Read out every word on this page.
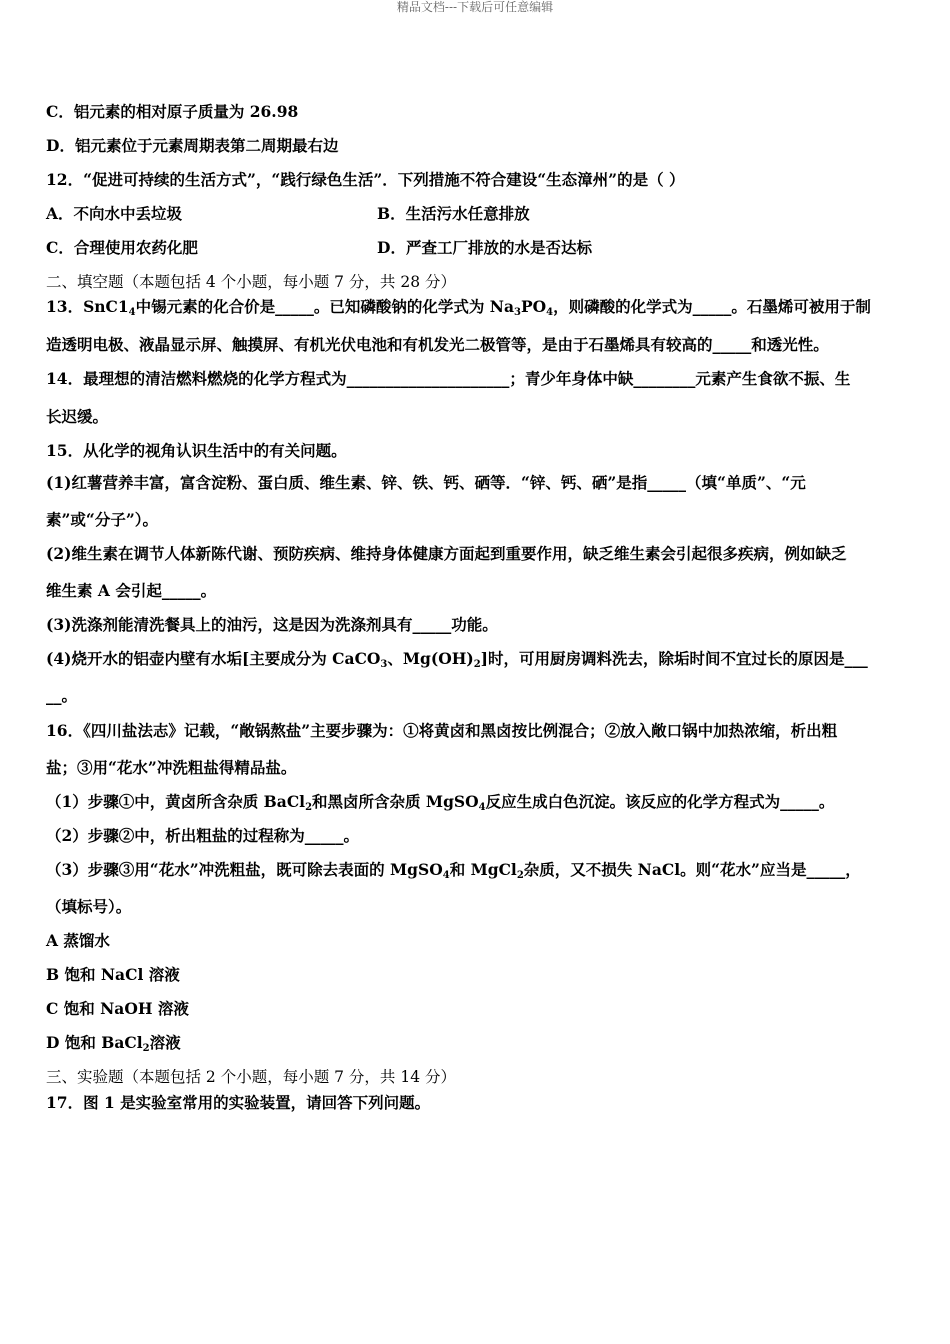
精品文档---下载后可任意编辑
C．铝元素的相对原子质量为 26.98
D．铝元素位于元素周期表第二周期最右边
12．“促进可持续的生活方式”，“践行绿色生活”．下列措施不符合建设“生态漳州”的是（ ）
A．不向水中丢垃圾	B．生活污水任意排放
C．合理使用农药化肥	D．严查工厂排放的水是否达标
二、填空题（本题包括 4 个小题，每小题 7 分，共 28 分）
13．$SnC1_4$中锡元素的化合价是_____。已知磷酸钠的化学式为 $Na_3PO_4$，则磷酸的化学式为_____。石墨烯可被用于制
造透明电极、液晶显示屏、触摸屏、有机光伏电池和有机发光二极管等，是由于石墨烯具有较高的_____和透光性。
14．最理想的清洁燃料燃烧的化学方程式为_____________________；青少年身体中缺________元素产生食欲不振、生
长迟缓。
15．从化学的视角认识生活中的有关问题。
(1)红薯营养丰富，富含淀粉、蛋白质、维生素、锌、铁、钙、硒等．“锌、钙、硒”是指_____（填“单质”、“元
素”或“分子”）。
(2)维生素在调节人体新陈代谢、预防疾病、维持身体健康方面起到重要作用，缺乏维生素会引起很多疾病，例如缺乏
维生素 A 会引起_____。
(3)洗涤剂能清洗餐具上的油污，这是因为洗涤剂具有_____功能。
(4)烧开水的铝壶内壁有水垢[主要成分为 CaCO$_3$、$Mg(OH)_2$]时，可用厨房调料洗去，除垢时间不宜过长的原因是___
__。
16．《四川盐法志》记载，“敞锅熬盐”主要步骤为：①将黄卤和黑卤按比例混合；②放入敞口锅中加热浓缩，析出粗
盐；③用“花水”冲洗粗盐得精品盐。
（1）步骤①中，黄卤所含杂质 BaCl$_2$和黑卤所含杂质 MgSO$_4$反应生成白色沉淀。该反应的化学方程式为_____。
（2）步骤②中，析出粗盐的过程称为_____。
（3）步骤③用“花水”冲洗粗盐，既可除去表面的 MgSO$_4$和 MgCl$_2$杂质，又不损失 NaCl。则“花水”应当是_____，
（填标号）。
A 蒸馏水
B 饱和 NaCl 溶液
C 饱和 NaOH 溶液
D 饱和 BaCl$_2$溶液
三、实验题（本题包括 2 个小题，每小题 7 分，共 14 分）
17．图 1 是实验室常用的实验装置，请回答下列问题。
